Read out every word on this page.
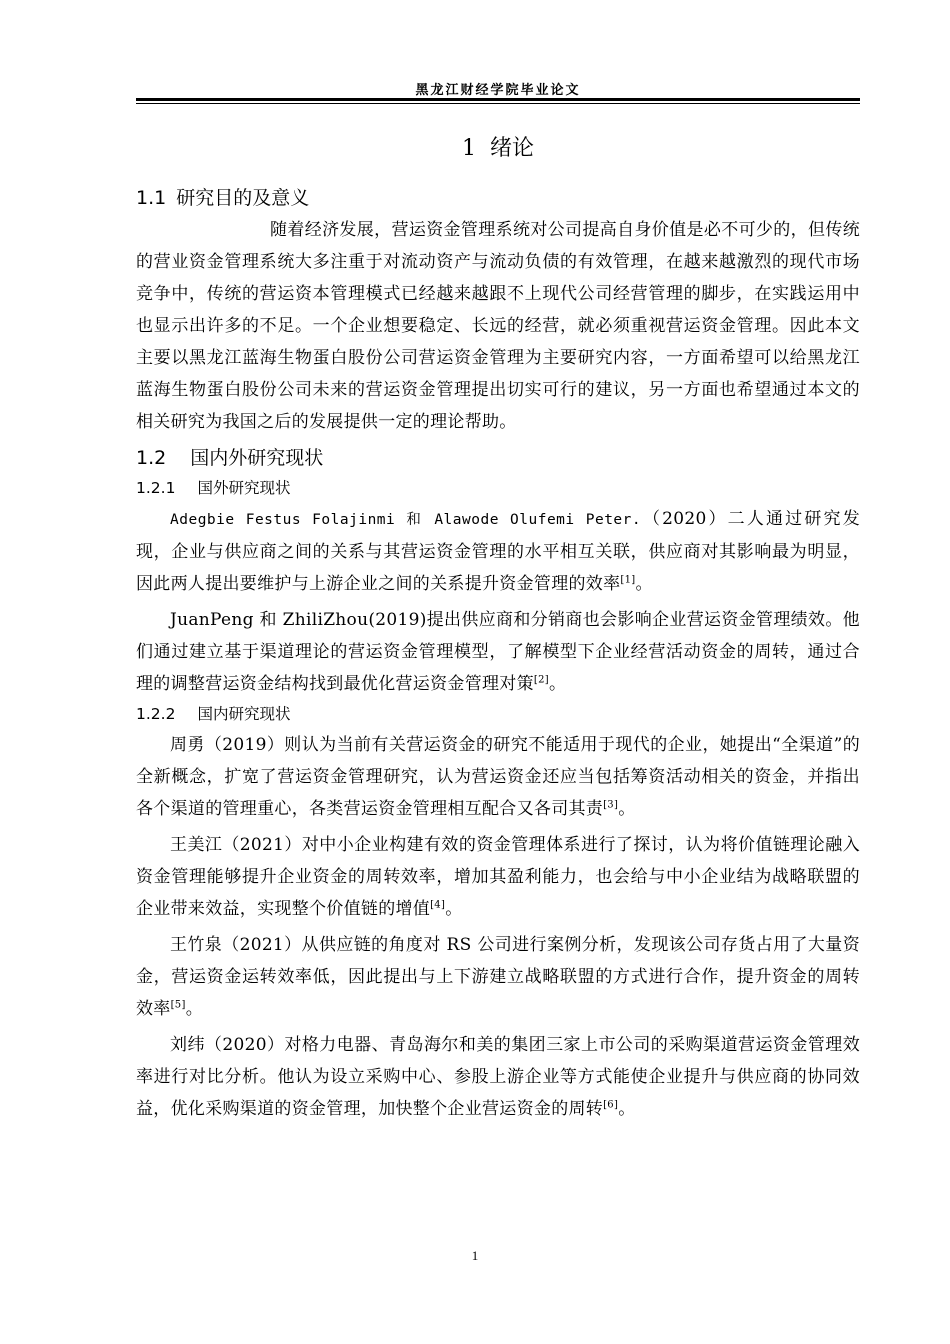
黑龙江财经学院毕业论文
1 绪论
1.1 研究目的及意义

随着经济发展，营运资金管理系统对公司提高自身价值是必不可少的，但传统的营业资金管理系统大多注重于对流动资产与流动负债的有效管理，在越来越激烈的现代市场竞争中，传统的营运资本管理模式已经越来越跟不上现代公司经营管理的脚步，在实践运用中也显示出许多的不足。一个企业想要稳定、长远的经营，就必须重视营运资金管理。因此本文主要以黑龙江蓝海生物蛋白股份公司营运资金管理为主要研究内容，一方面希望可以给黑龙江蓝海生物蛋白股份公司未来的营运资金管理提出切实可行的建议，另一方面也希望通过本文的相关研究为我国之后的发展提供一定的理论帮助。

1.2 国内外研究现状
1.2.1 国外研究现状

Adegbie Festus Folajinmi 和 Alawode Olufemi Peter.（2020）二人通过研究发现，企业与供应商之间的关系与其营运资金管理的水平相互关联，供应商对其影响最为明显，因此两人提出要维护与上游企业之间的关系提升资金管理的效率[1]。

JuanPeng 和 ZhiliZhou(2019)提出供应商和分销商也会影响企业营运资金管理绩效。他们通过建立基于渠道理论的营运资金管理模型，了解模型下企业经营活动资金的周转，通过合理的调整营运资金结构找到最优化营运资金管理对策[2]。

1.2.2 国内研究现状

周勇（2019）则认为当前有关营运资金的研究不能适用于现代的企业，她提出“全渠道”的全新概念，扩宽了营运资金管理研究，认为营运资金还应当包括筹资活动相关的资金，并指出各个渠道的管理重心，各类营运资金管理相互配合又各司其责[3]。

王美江（2021）对中小企业构建有效的资金管理体系进行了探讨，认为将价值链理论融入资金管理能够提升企业资金的周转效率，增加其盈利能力，也会给与中小企业结为战略联盟的企业带来效益，实现整个价值链的增值[4]。

王竹泉（2021）从供应链的角度对 RS 公司进行案例分析，发现该公司存货占用了大量资金，营运资金运转效率低，因此提出与上下游建立战略联盟的方式进行合作，提升资金的周转效率[5]。

刘纬（2020）对格力电器、青岛海尔和美的集团三家上市公司的采购渠道营运资金管理效率进行对比分析。他认为设立采购中心、参股上游企业等方式能使企业提升与供应商的协同效益，优化采购渠道的资金管理，加快整个企业营运资金的周转[6]。

1
